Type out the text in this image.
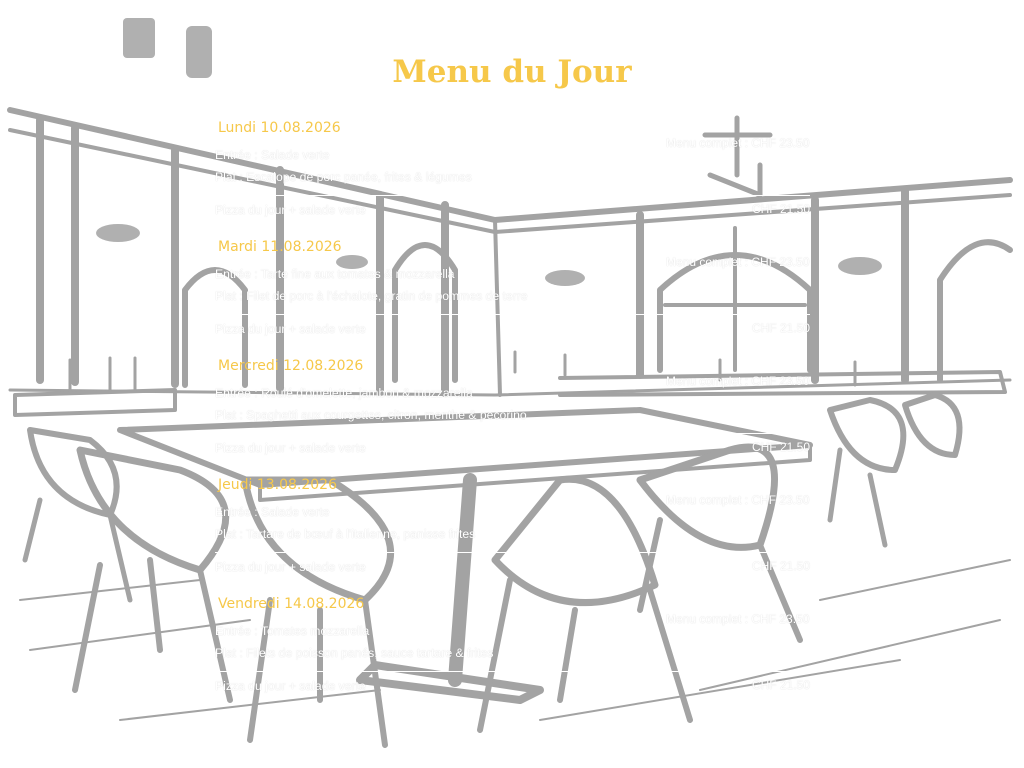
Menu du Jour
Lundi 10.08.2026
Menu complet : CHF 23.50
Entrée : Salade verte
Plat : Escalope de porc panée, frites & légumes
Pizza du jour + salade verte	CHF 21.50
Mardi 11.08.2026
Menu complet : CHF 23.50
Entrée : Tarte fine aux tomates & mozzarella
Plat : Filet de porc à l'échalote, gratin de pommes de terre
Pizza du jour + salade verte	CHF 21.50
Mercredi 12.08.2026
Menu complet : CHF 23.50
Entrée : Roulé d'omelette, jambon & mozzarella
Plat : Spaghetti aux courgettes, citron, menthe & pecorino
Pizza du jour + salade verte	CHF 21.50
Jeudi 13.08.2026
Menu complet : CHF 23.50
Entrée : Salade verte
Plat : Tartare de bœuf à l'italienne, panisse frites
Pizza du jour + salade verte	CHF 21.50
Vendredi 14.08.2026
Menu complet : CHF 23.50
Entrée : Tomates mozzarella
Plat : Filets de poisson panés, sauce tartare & frites
Pizza du jour + salade verte	CHF 21.50
